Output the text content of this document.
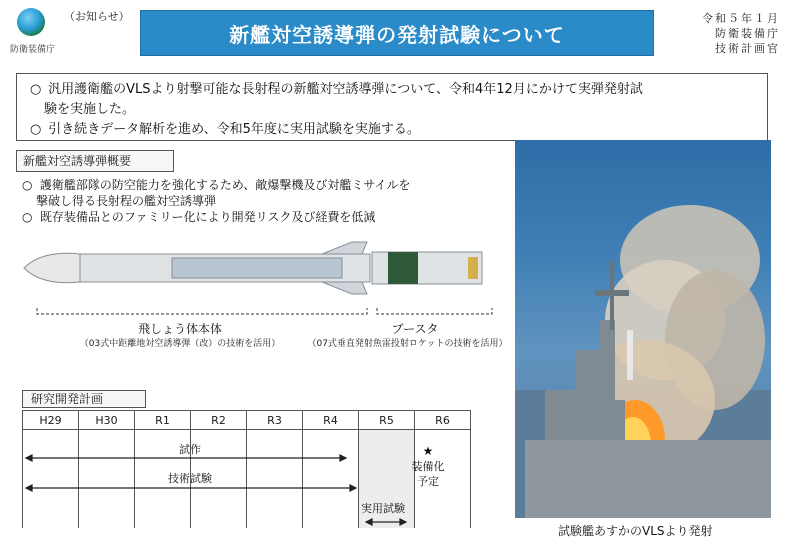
防衛装備庁
（お知らせ）
新艦対空誘導弾の発射試験について
令和５年１月
防衛装備庁
技術計画官
○ 汎用護衛艦のVLSより射撃可能な長射程の新艦対空誘導弾について、令和4年12月にかけて実弾発射試
験を実施した。
○ 引き続きデータ解析を進め、令和5年度に実用試験を実施する。
新艦対空誘導弾概要
○ 護衛艦部隊の防空能力を強化するため、敵爆撃機及び対艦ミサイルを
撃破し得る長射程の艦対空誘導弾
○ 既存装備品とのファミリー化により開発リスク及び経費を低減
飛しょう体本体
（03式中距離地対空誘導弾（改）の技術を活用）
ブースタ
（07式垂直発射魚雷投射ロケットの技術を活用）
研究開発計画
H29	H30	R1	R2	R3	R4	R5	R6
試作
技術試験
実用試験
★
装備化
予定
試験艦あすかのVLSより発射
